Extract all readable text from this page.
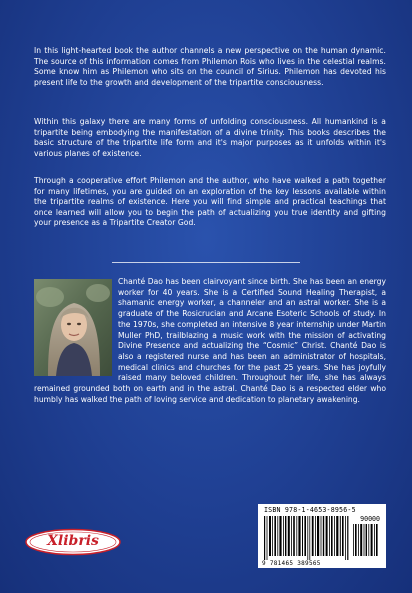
In this light-hearted book the author channels a new perspective on the human dynamic. The source of this information comes from Philemon Rois who lives in the celestial realms. Some know him as Philemon who sits on the council of Sirius. Philemon has devoted his present life to the growth and development of the tripartite consciousness.

Within this galaxy there are many forms of unfolding consciousness. All humankind is a tripartite being embodying the manifestation of a divine trinity. This books describes the basic structure of the tripartite life form and it's major purposes as it unfolds within it's various planes of existence.

Through a cooperative effort Philemon and the author, who have walked a path together for many lifetimes, you are guided on an exploration of the key lessons available within the tripartite realms of existence. Here you will find simple and practical teachings that once learned will allow you to begin the path of actualizing you true identity and gifting your presence as a Tripartite Creator God.

Chanté Dao has been clairvoyant since birth. She has been an energy worker for 40 years. She is a Certified Sound Healing Therapist, a shamanic energy worker, a channeler and an astral worker. She is a graduate of the Rosicrucian and Arcane Esoteric Schools of study. In the 1970s, she completed an intensive 8 year internship under Martin Muller PhD, trailblazing a music work with the mission of activating Divine Presence and actualizing the “Cosmic” Christ. Chanté Dao is also a registered nurse and has been an administrator of hospitals, medical clinics and churches for the past 25 years. She has joyfully raised many beloved children. Throughout her life, she has always remained grounded both on earth and in the astral. Chanté Dao is a respected elder who humbly has walked the path of loving service and dedication to planetary awakening.

ISBN 978-1-4653-8956-5
90000
9 781465 389565
Xlibris
